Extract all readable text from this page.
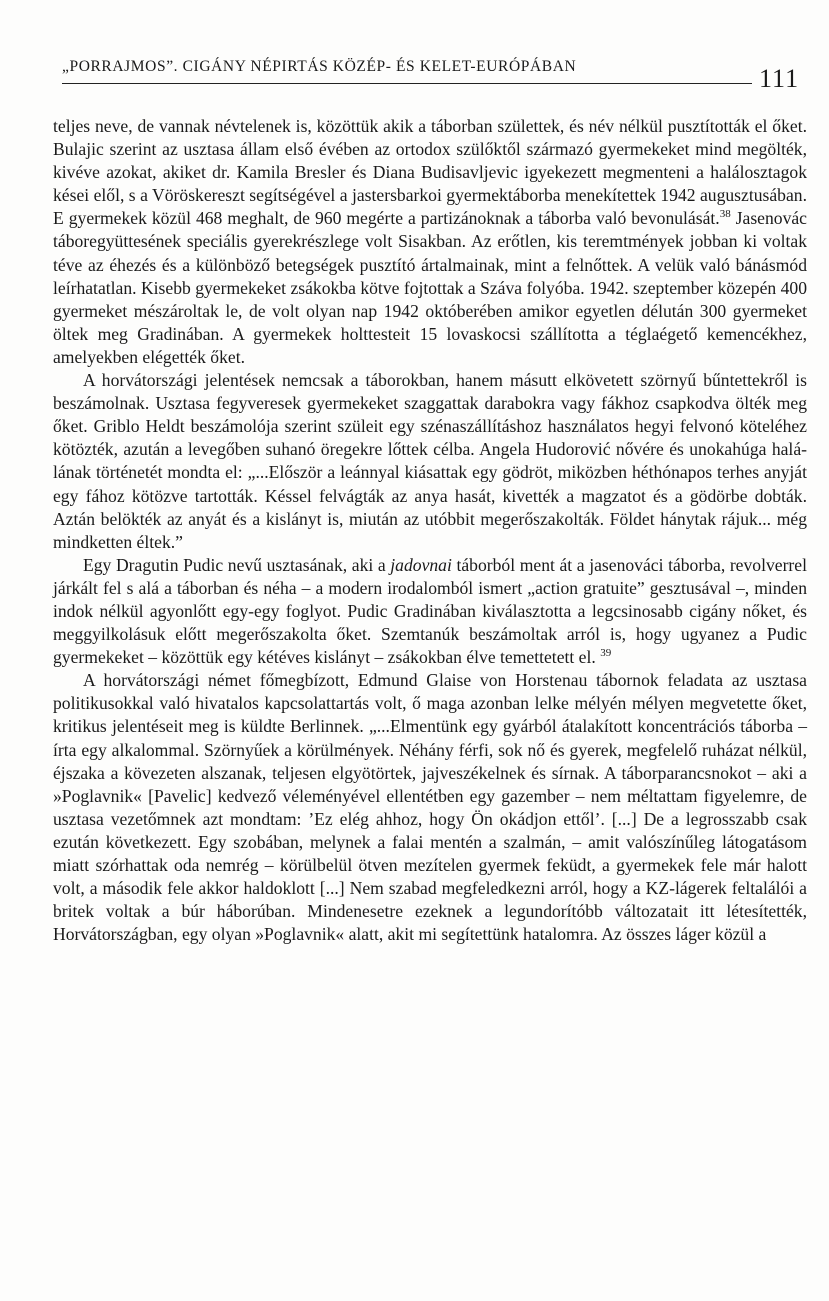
„PORRAJMOS”. CIGÁNY NÉPIRTÁS KÖZÉP- ÉS KELET-EURÓPÁBAN	111

teljes neve, de vannak névtelenek is, közöttük akik a táborban születtek, és név nélkül pusztították el őket. Bulajic szerint az usztasa állam első évében az ortodox szülőktől származó gyermekeket mind megölték, kivéve azokat, akiket dr. Kamila Bresler és Diana Budisavljevic igyekezett megmenteni a halálosztagok kései elől, s a Vöröskereszt segítségével a jastersbarkoi gyermektáborba menekítettek 1942 augusztusában. E gyermekek közül 468 meghalt, de 960 megérte a partizánoknak a táborba való bevonulását.$^{38}$ Jasenovác táboregyüttesének speciális gyerekrészlege volt Sisakban. Az erőtlen, kis teremtmények jobban ki voltak téve az éhezés és a különböző betegségek pusztító ártalmainak, mint a felnőttek. A velük való bánásmód leírhatatlan. Kisebb gyermekeket zsákokba kötve fojtottak a Száva folyóba. 1942. szeptember közepén 400 gyermeket mészároltak le, de volt olyan nap 1942 októberében amikor egyetlen délután 300 gyermeket öltek meg Gradinában. A gyermekek holttesteit 15 lovaskocsi szállította a téglaégető kemencékhez, amelyekben elégették őket.

A horvátországi jelentések nemcsak a táborokban, hanem másutt elkövetett szörnyű bűntettekről is beszámolnak. Usztasa fegyveresek gyermekeket szaggattak darabokra vagy fákhoz csapkodva ölték meg őket. Griblo Heldt beszámolója szerint szüleit egy szénaszállításhoz használatos hegyi felvonó köteléhez kötözték, azután a levegőben suhanó öregekre lőttek célba. Angela Hudorović nővére és unokahúga halálának történetét mondta el: „...Először a leánnyal kiásattak egy gödröt, miközben héthónapos terhes anyját egy fához kötözve tartották. Késsel felvágták az anya hasát, kivették a magzatot és a gödörbe dobták. Aztán belökték az anyát és a kislányt is, miután az utóbbit megerőszakolták. Földet hánytak rájuk... még mindketten éltek.”

Egy Dragutin Pudic nevű usztasának, aki a jadovnai táborból ment át a jasenováci táborba, revolverrel járkált fel s alá a táborban és néha – a modern irodalomból ismert „action gratuite” gesztusával –, minden indok nélkül agyonlőtt egy-egy foglyot. Pudic Gradinában kiválasztotta a legcsinosabb cigány nőket, és meggyilkolásuk előtt megerőszakolta őket. Szemtanúk beszámoltak arról is, hogy ugyanez a Pudic gyermekeket – közöttük egy kétéves kislányt – zsákokban élve temettetett el. $^{39}$

A horvátországi német főmegbízott, Edmund Glaise von Horstenau tábornok feladata az usztasa politikusokkal való hivatalos kapcsolattartás volt, ő maga azonban lelke mélyén mélyen megvetette őket, kritikus jelentéseit meg is küldte Berlinnek. „...Elmentünk egy gyárból átalakított koncentrációs táborba – írta egy alkalommal. Szörnyűek a körülmények. Néhány férfi, sok nő és gyerek, megfelelő ruházat nélkül, éjszaka a kövezeten alszanak, teljesen elgyötörtek, jajveszékelnek és sírnak. A táborparancsnokot – aki a »Poglavnik« [Pavelic] kedvező véleményével ellentétben egy gazember – nem méltattam figyelemre, de usztasa vezetőmnek azt mondtam: ’Ez elég ahhoz, hogy Ön okádjon ettől’. [...] De a legrosszabb csak ezután következett. Egy szobában, melynek a falai mentén a szalmán, – amit valószínűleg látogatásom miatt szórhattak oda nemrég – körülbelül ötven mezítelen gyermek feküdt, a gyermekek fele már halott volt, a második fele akkor haldoklott [...] Nem szabad megfeledkezni arról, hogy a KZ-lágerek feltalálói a britek voltak a búr háborúban. Mindenesetre ezeknek a legundorítóbb változatait itt létesítették, Horvátországban, egy olyan »Poglavnik« alatt, akit mi segítettünk hatalomra. Az összes láger közül a
